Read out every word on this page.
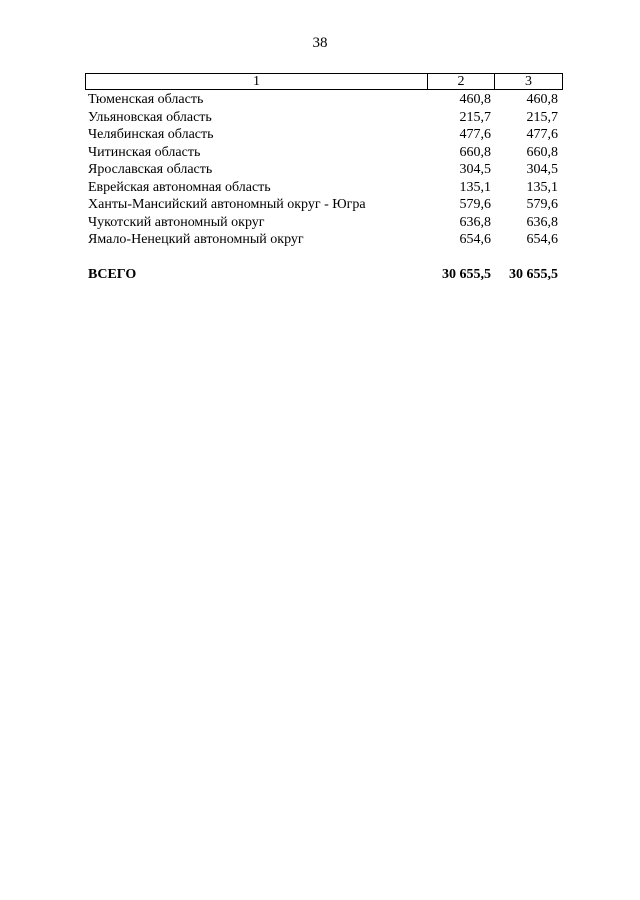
38
1	2	3
Тюменская область	460,8	460,8
Ульяновская область	215,7	215,7
Челябинская область	477,6	477,6
Читинская область	660,8	660,8
Ярославская область	304,5	304,5
Еврейская автономная область	135,1	135,1
Ханты-Мансийский автономный округ - Югра	579,6	579,6
Чукотский автономный округ	636,8	636,8
Ямало-Ненецкий автономный округ	654,6	654,6
ВСЕГО	30 655,5	30 655,5
